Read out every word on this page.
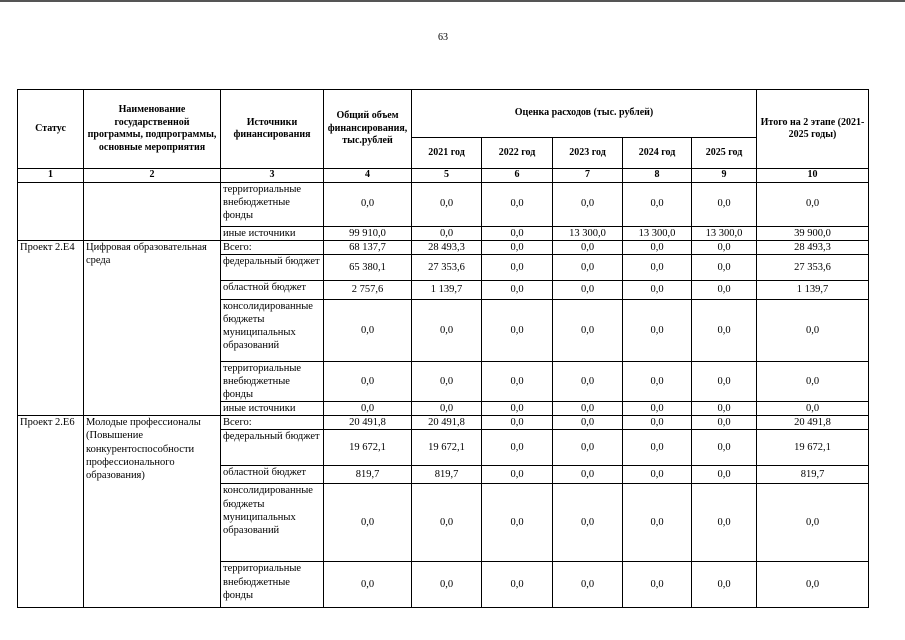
63
Статус	Наименование государственной программы, подпрограммы, основные мероприятия	Источники финансирования	Общий объем финансирования, тыс.рублей	Оценка расходов (тыс. рублей)					Итого на 2 этапе (2021-2025 годы)
				2021 год	2022 год	2023 год	2024 год	2025 год	
1	2	3	4	5	6	7	8	9	10
		территориальные внебюджетные фонды	0,0	0,0	0,0	0,0	0,0	0,0	0,0
		иные источники	99 910,0	0,0	0,0	13 300,0	13 300,0	13 300,0	39 900,0
Проект 2.Е4	Цифровая образовательная среда	Всего:	68 137,7	28 493,3	0,0	0,0	0,0	0,0	28 493,3
		федеральный бюджет	65 380,1	27 353,6	0,0	0,0	0,0	0,0	27 353,6
		областной бюджет	2 757,6	1 139,7	0,0	0,0	0,0	0,0	1 139,7
		консолидированные бюджеты муниципальных образований	0,0	0,0	0,0	0,0	0,0	0,0	0,0
		территориальные внебюджетные фонды	0,0	0,0	0,0	0,0	0,0	0,0	0,0
		иные источники	0,0	0,0	0,0	0,0	0,0	0,0	0,0
Проект 2.Е6	Молодые профессионалы (Повышение конкурентоспособности профессионального образования)	Всего:	20 491,8	20 491,8	0,0	0,0	0,0	0,0	20 491,8
		федеральный бюджет	19 672,1	19 672,1	0,0	0,0	0,0	0,0	19 672,1
		областной бюджет	819,7	819,7	0,0	0,0	0,0	0,0	819,7
		консолидированные бюджеты муниципальных образований	0,0	0,0	0,0	0,0	0,0	0,0	0,0
		территориальные внебюджетные фонды	0,0	0,0	0,0	0,0	0,0	0,0	0,0
